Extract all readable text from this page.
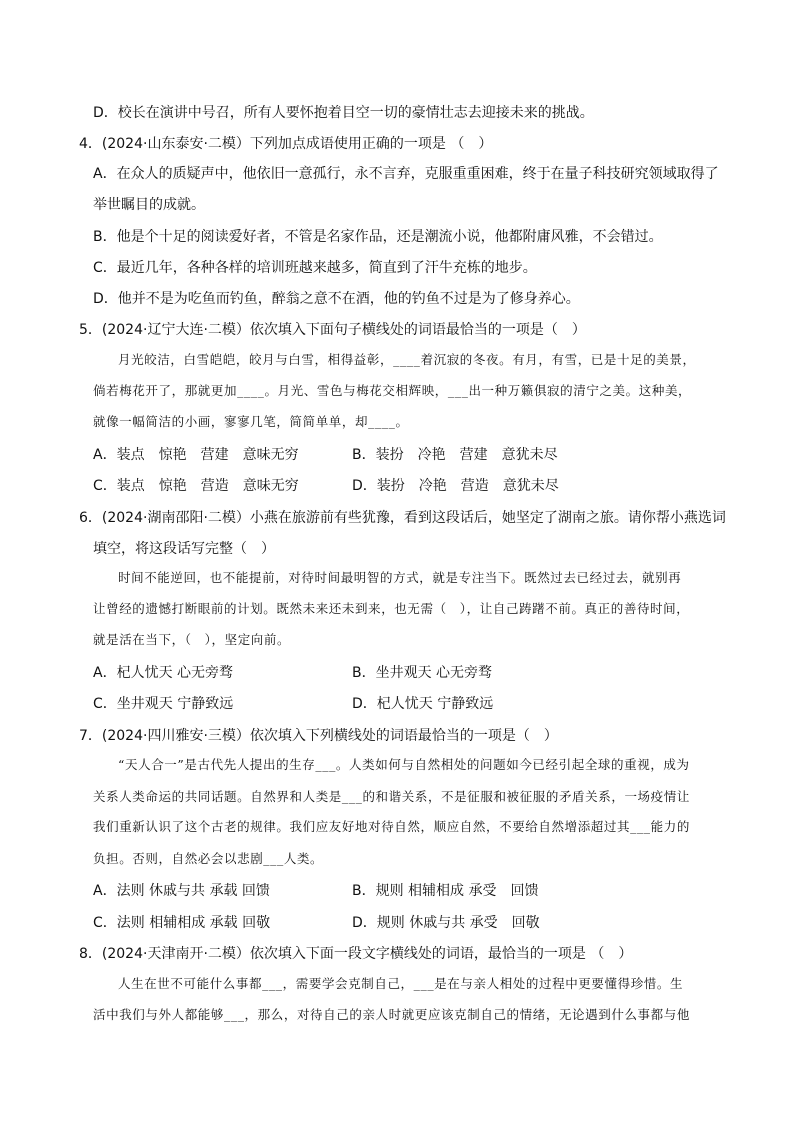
D．校长在演讲中号召，所有人要怀抱着目空一切的豪情壮志去迎接未来的挑战。
4．(2024·山东泰安·二模）下列加点成语使用正确的一项是 （　）
A．在众人的质疑声中，他依旧一意孤行，永不言弃，克服重重困难，终于在量子科技研究领域取得了
举世瞩目的成就。
B．他是个十足的阅读爱好者，不管是名家作品，还是潮流小说，他都附庸风雅，不会错过。
C．最近几年，各种各样的培训班越来越多，简直到了汗牛充栋的地步。
D．他并不是为吃鱼而钓鱼，醉翁之意不在酒，他的钓鱼不过是为了修身养心。
5．(2024·辽宁大连·二模）依次填入下面句子横线处的词语最恰当的一项是（　）
月光皎洁，白雪皑皑，皎月与白雪，相得益彰，____着沉寂的冬夜。有月，有雪，已是十足的美景，
倘若梅花开了，那就更加____。月光、雪色与梅花交相辉映，___出一种万籁俱寂的清宁之美。这种美，
就像一幅简洁的小画，寥寥几笔，简简单单，却____。
A．装点　惊艳　营建　意味无穷	B．装扮　冷艳　营建　意犹未尽
C．装点　惊艳　营造　意味无穷	D．装扮　冷艳　营造　意犹未尽
6．(2024·湖南邵阳·二模）小燕在旅游前有些犹豫，看到这段话后，她坚定了湖南之旅。请你帮小燕选词
填空，将这段话写完整（　）
时间不能逆回，也不能提前，对待时间最明智的方式，就是专注当下。既然过去已经过去，就别再
让曾经的遗憾打断眼前的计划。既然未来还未到来，也无需（　），让自己踌躇不前。真正的善待时间，
就是活在当下，（　），坚定向前。
A．杞人忧天 心无旁骛	B．坐井观天 心无旁骛
C．坐井观天 宁静致远	D．杞人忧天 宁静致远
7．(2024·四川雅安·三模）依次填入下列横线处的词语最恰当的一项是（　）
“天人合一”是古代先人提出的生存___。人类如何与自然相处的问题如今已经引起全球的重视，成为
关系人类命运的共同话题。自然界和人类是___的和谐关系，不是征服和被征服的矛盾关系，一场疫情让
我们重新认识了这个古老的规律。我们应友好地对待自然，顺应自然，不要给自然增添超过其___能力的
负担。否则，自然必会以悲剧___人类。
A．法则 休戚与共 承载 回馈	B．规则 相辅相成 承受　回馈
C．法则 相辅相成 承载 回敬	D．规则 休戚与共 承受　回敬
8．(2024·天津南开·二模）依次填入下面一段文字横线处的词语，最恰当的一项是 （　）
人生在世不可能什么事都___，需要学会克制自己，___是在与亲人相处的过程中更要懂得珍惜。生
活中我们与外人都能够___，那么，对待自己的亲人时就更应该克制自己的情绪，无论遇到什么事都与他
